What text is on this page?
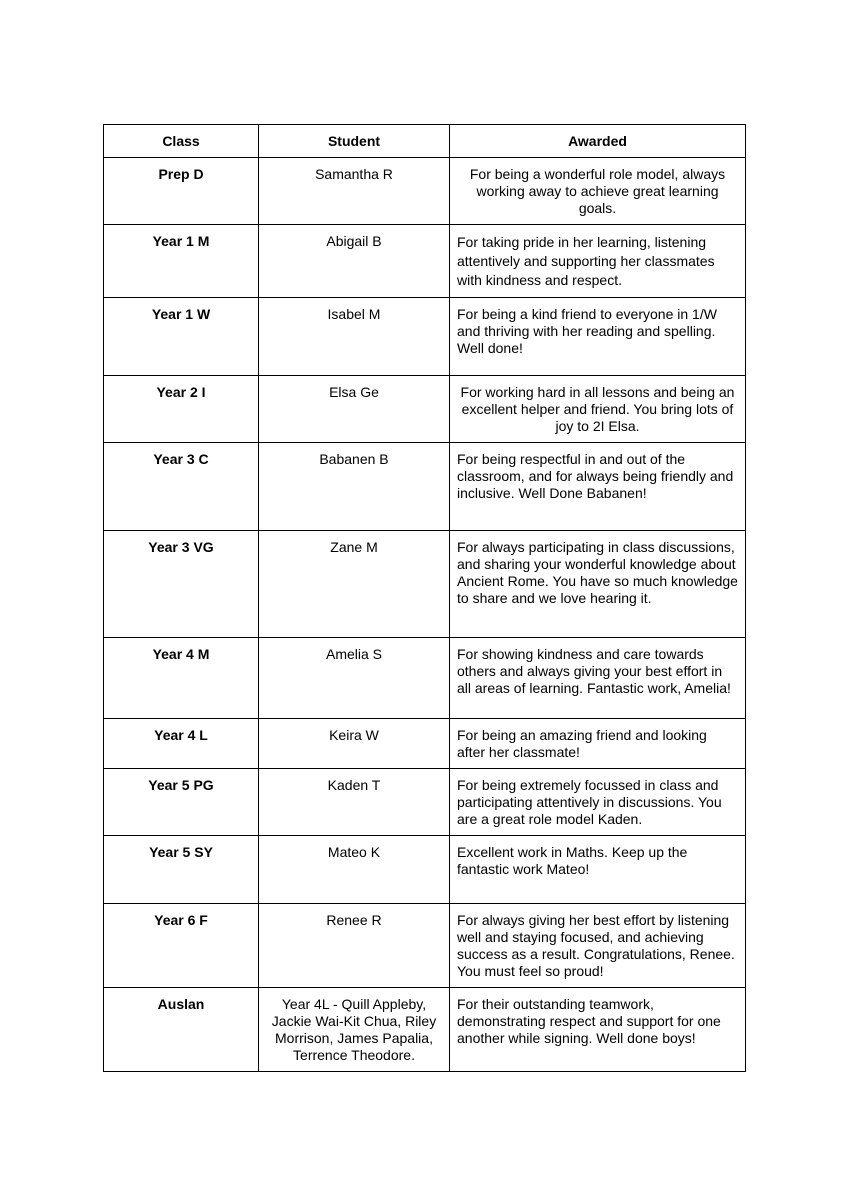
Class	Student	Awarded
Prep D	Samantha R	For being a wonderful role model, always working away to achieve great learning goals.
Year 1 M	Abigail B	For taking pride in her learning, listening attentively and supporting her classmates with kindness and respect.
Year 1 W	Isabel M	For being a kind friend to everyone in 1/W and thriving with her reading and spelling. Well done!
Year 2 I	Elsa Ge	For working hard in all lessons and being an excellent helper and friend. You bring lots of joy to 2I Elsa.
Year 3 C	Babanen B	For being respectful in and out of the classroom, and for always being friendly and inclusive. Well Done Babanen!
Year 3 VG	Zane M	For always participating in class discussions, and sharing your wonderful knowledge about Ancient Rome. You have so much knowledge to share and we love hearing it.
Year 4 M	Amelia S	For showing kindness and care towards others and always giving your best effort in all areas of learning. Fantastic work, Amelia!
Year 4 L	Keira W	For being an amazing friend and looking after her classmate!
Year 5 PG	Kaden T	For being extremely focussed in class and participating attentively in discussions. You are a great role model Kaden.
Year 5 SY	Mateo K	Excellent work in Maths. Keep up the fantastic work Mateo!
Year 6 F	Renee R	For always giving her best effort by listening well and staying focused, and achieving success as a result. Congratulations, Renee. You must feel so proud!
Auslan	Year 4L - Quill Appleby, Jackie Wai-Kit Chua, Riley Morrison, James Papalia, Terrence Theodore.	For their outstanding teamwork, demonstrating respect and support for one another while signing. Well done boys!
